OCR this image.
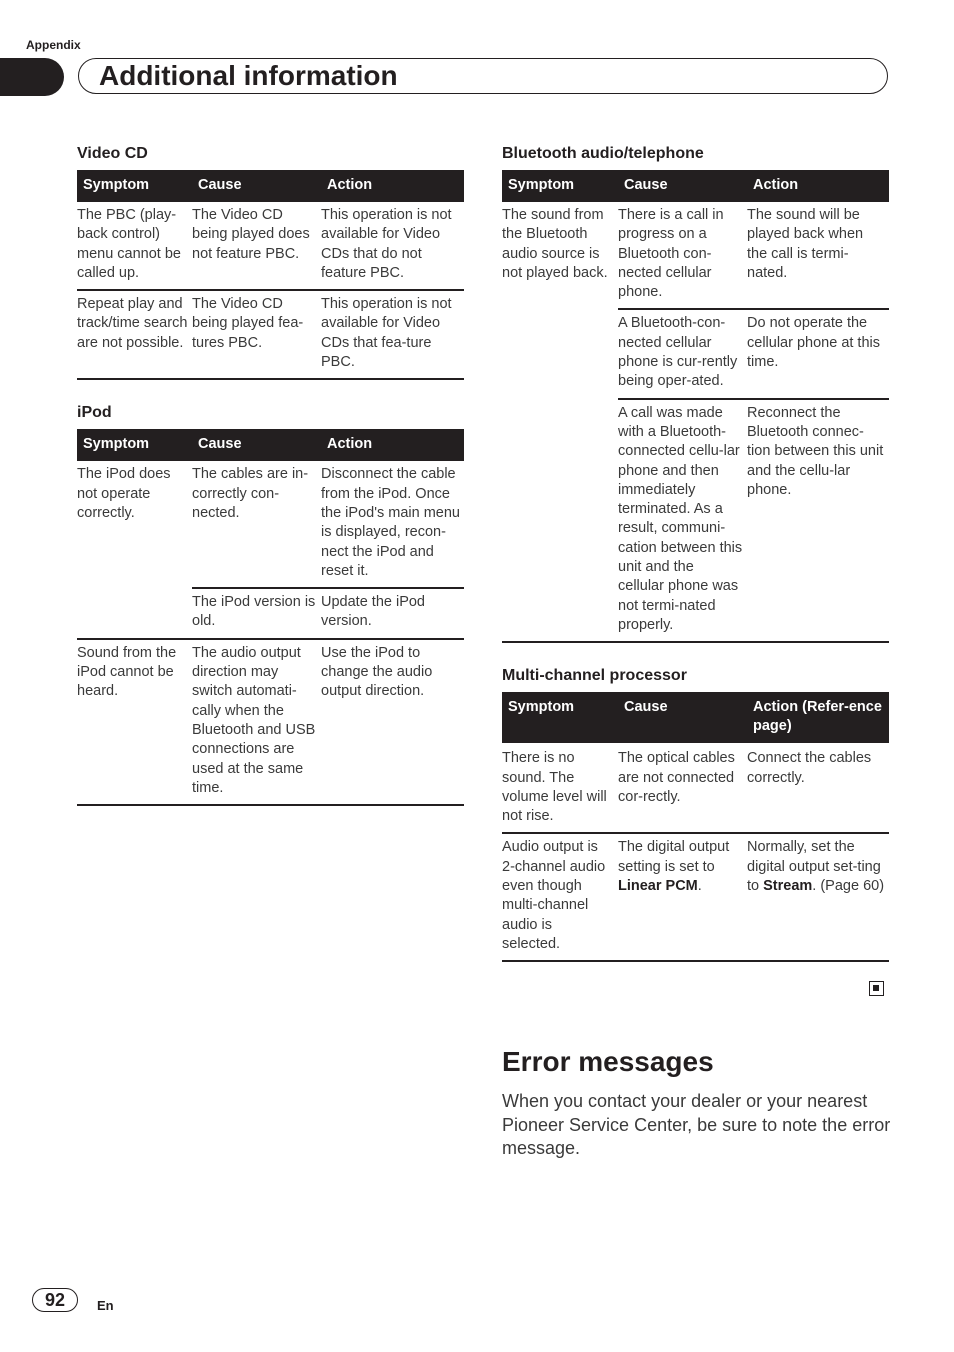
Appendix
Additional information
Video CD
Symptom	Cause	Action
The PBC (play-back control) menu cannot be called up.	The Video CD being played does not feature PBC.	This operation is not available for Video CDs that do not feature PBC.
Repeat play and track/time search are not possible.	The Video CD being played fea-tures PBC.	This operation is not available for Video CDs that fea-ture PBC.
iPod
Symptom	Cause	Action
The iPod does not operate correctly.	The cables are in-correctly con-nected.	Disconnect the cable from the iPod. Once the iPod's main menu is displayed, recon-nect the iPod and reset it.
	The iPod version is old.	Update the iPod version.
Sound from the iPod cannot be heard.	The audio output direction may switch automati-cally when the Bluetooth and USB connections are used at the same time.	Use the iPod to change the audio output direction.
Bluetooth audio/telephone
Symptom	Cause	Action
The sound from the Bluetooth audio source is not played back.	There is a call in progress on a Bluetooth con-nected cellular phone.	The sound will be played back when the call is termi-nated.
	A Bluetooth-con-nected cellular phone is cur-rently being oper-ated.	Do not operate the cellular phone at this time.
	A call was made with a Bluetooth-connected cellu-lar phone and then immediately terminated. As a result, communi-cation between this unit and the cellular phone was not termi-nated properly.	Reconnect the Bluetooth connec-tion between this unit and the cellu-lar phone.
Multi-channel processor
Symptom	Cause	Action (Refer-ence page)
There is no sound. The volume level will not rise.	The optical cables are not connected cor-rectly.	Connect the cables correctly.
Audio output is 2-channel audio even though multi-channel audio is selected.	The digital output setting is set to Linear PCM.	Normally, set the digital output set-ting to Stream. (Page 60)
Error messages

When you contact your dealer or your nearest Pioneer Service Center, be sure to note the error message.

92	En
